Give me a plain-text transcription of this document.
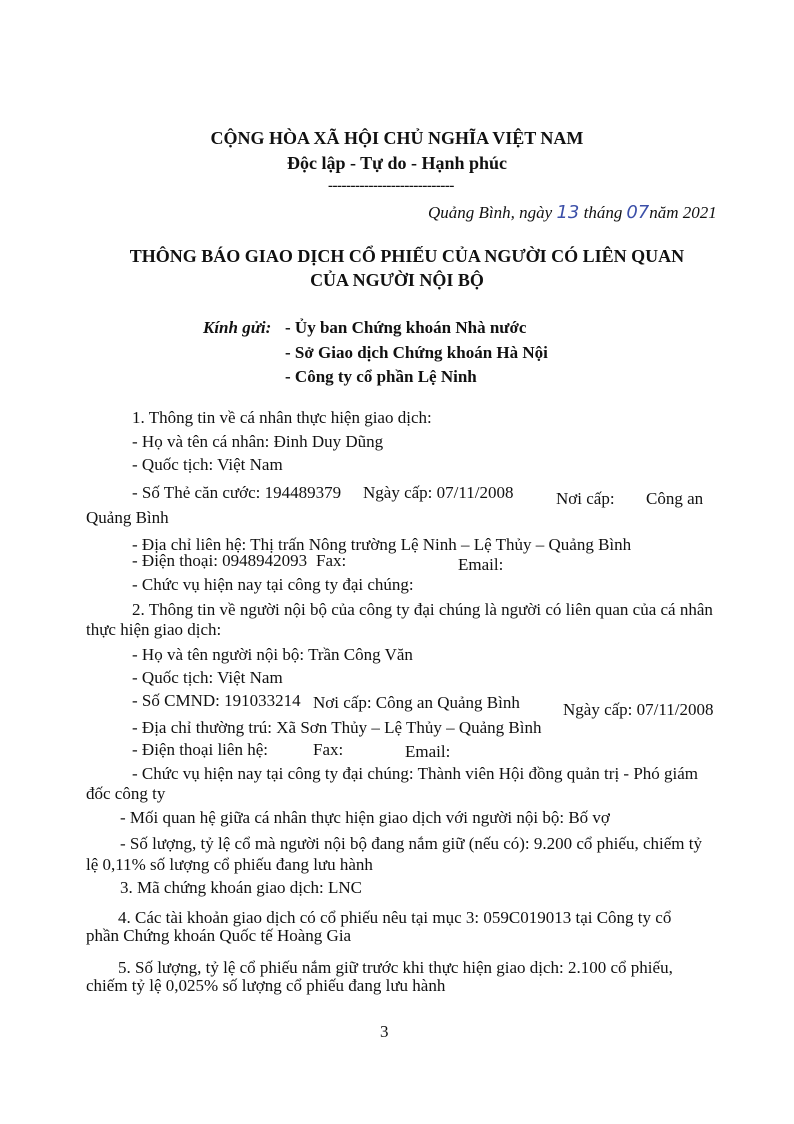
CỘNG HÒA XÃ HỘI CHỦ NGHĨA VIỆT NAM
Độc lập - Tự do - Hạnh phúc
----------------------------
Quảng Bình, ngày 13 tháng 07năm 2021
THÔNG BÁO GIAO DỊCH CỔ PHIẾU CỦA NGƯỜI CÓ LIÊN QUAN
CỦA NGƯỜI NỘI BỘ
Kính gửi: - Ủy ban Chứng khoán Nhà nước
- Sở Giao dịch Chứng khoán Hà Nội
- Công ty cổ phần Lệ Ninh
1. Thông tin về cá nhân thực hiện giao dịch:
- Họ và tên cá nhân: Đinh Duy Dũng
- Quốc tịch: Việt Nam
- Số Thẻ căn cước: 194489379 Ngày cấp: 07/11/2008	Nơi cấp: Công an
Quảng Bình
- Địa chỉ liên hệ: Thị trấn Nông trường Lệ Ninh – Lệ Thủy – Quảng Bình
- Điện thoại: 0948942093 Fax:	Email:
- Chức vụ hiện nay tại công ty đại chúng:
2. Thông tin về người nội bộ của công ty đại chúng là người có liên quan của cá nhân
thực hiện giao dịch:
- Họ và tên người nội bộ: Trần Công Văn
- Quốc tịch: Việt Nam
- Số CMND: 191033214 Nơi cấp: Công an Quảng Bình	Ngày cấp: 07/11/2008
- Địa chỉ thường trú: Xã Sơn Thủy – Lệ Thủy – Quảng Bình
- Điện thoại liên hệ:	Fax:	Email:
- Chức vụ hiện nay tại công ty đại chúng: Thành viên Hội đồng quản trị - Phó giám
đốc công ty
- Mối quan hệ giữa cá nhân thực hiện giao dịch với người nội bộ: Bố vợ
- Số lượng, tỷ lệ cổ mà người nội bộ đang nắm giữ (nếu có): 9.200 cổ phiếu, chiếm tỷ
lệ 0,11% số lượng cổ phiếu đang lưu hành
3. Mã chứng khoán giao dịch: LNC
4. Các tài khoản giao dịch có cổ phiếu nêu tại mục 3: 059C019013 tại Công ty cổ
phần Chứng khoán Quốc tế Hoàng Gia
5. Số lượng, tỷ lệ cổ phiếu nắm giữ trước khi thực hiện giao dịch: 2.100 cổ phiếu,
chiếm tỷ lệ 0,025% số lượng cổ phiếu đang lưu hành
3
